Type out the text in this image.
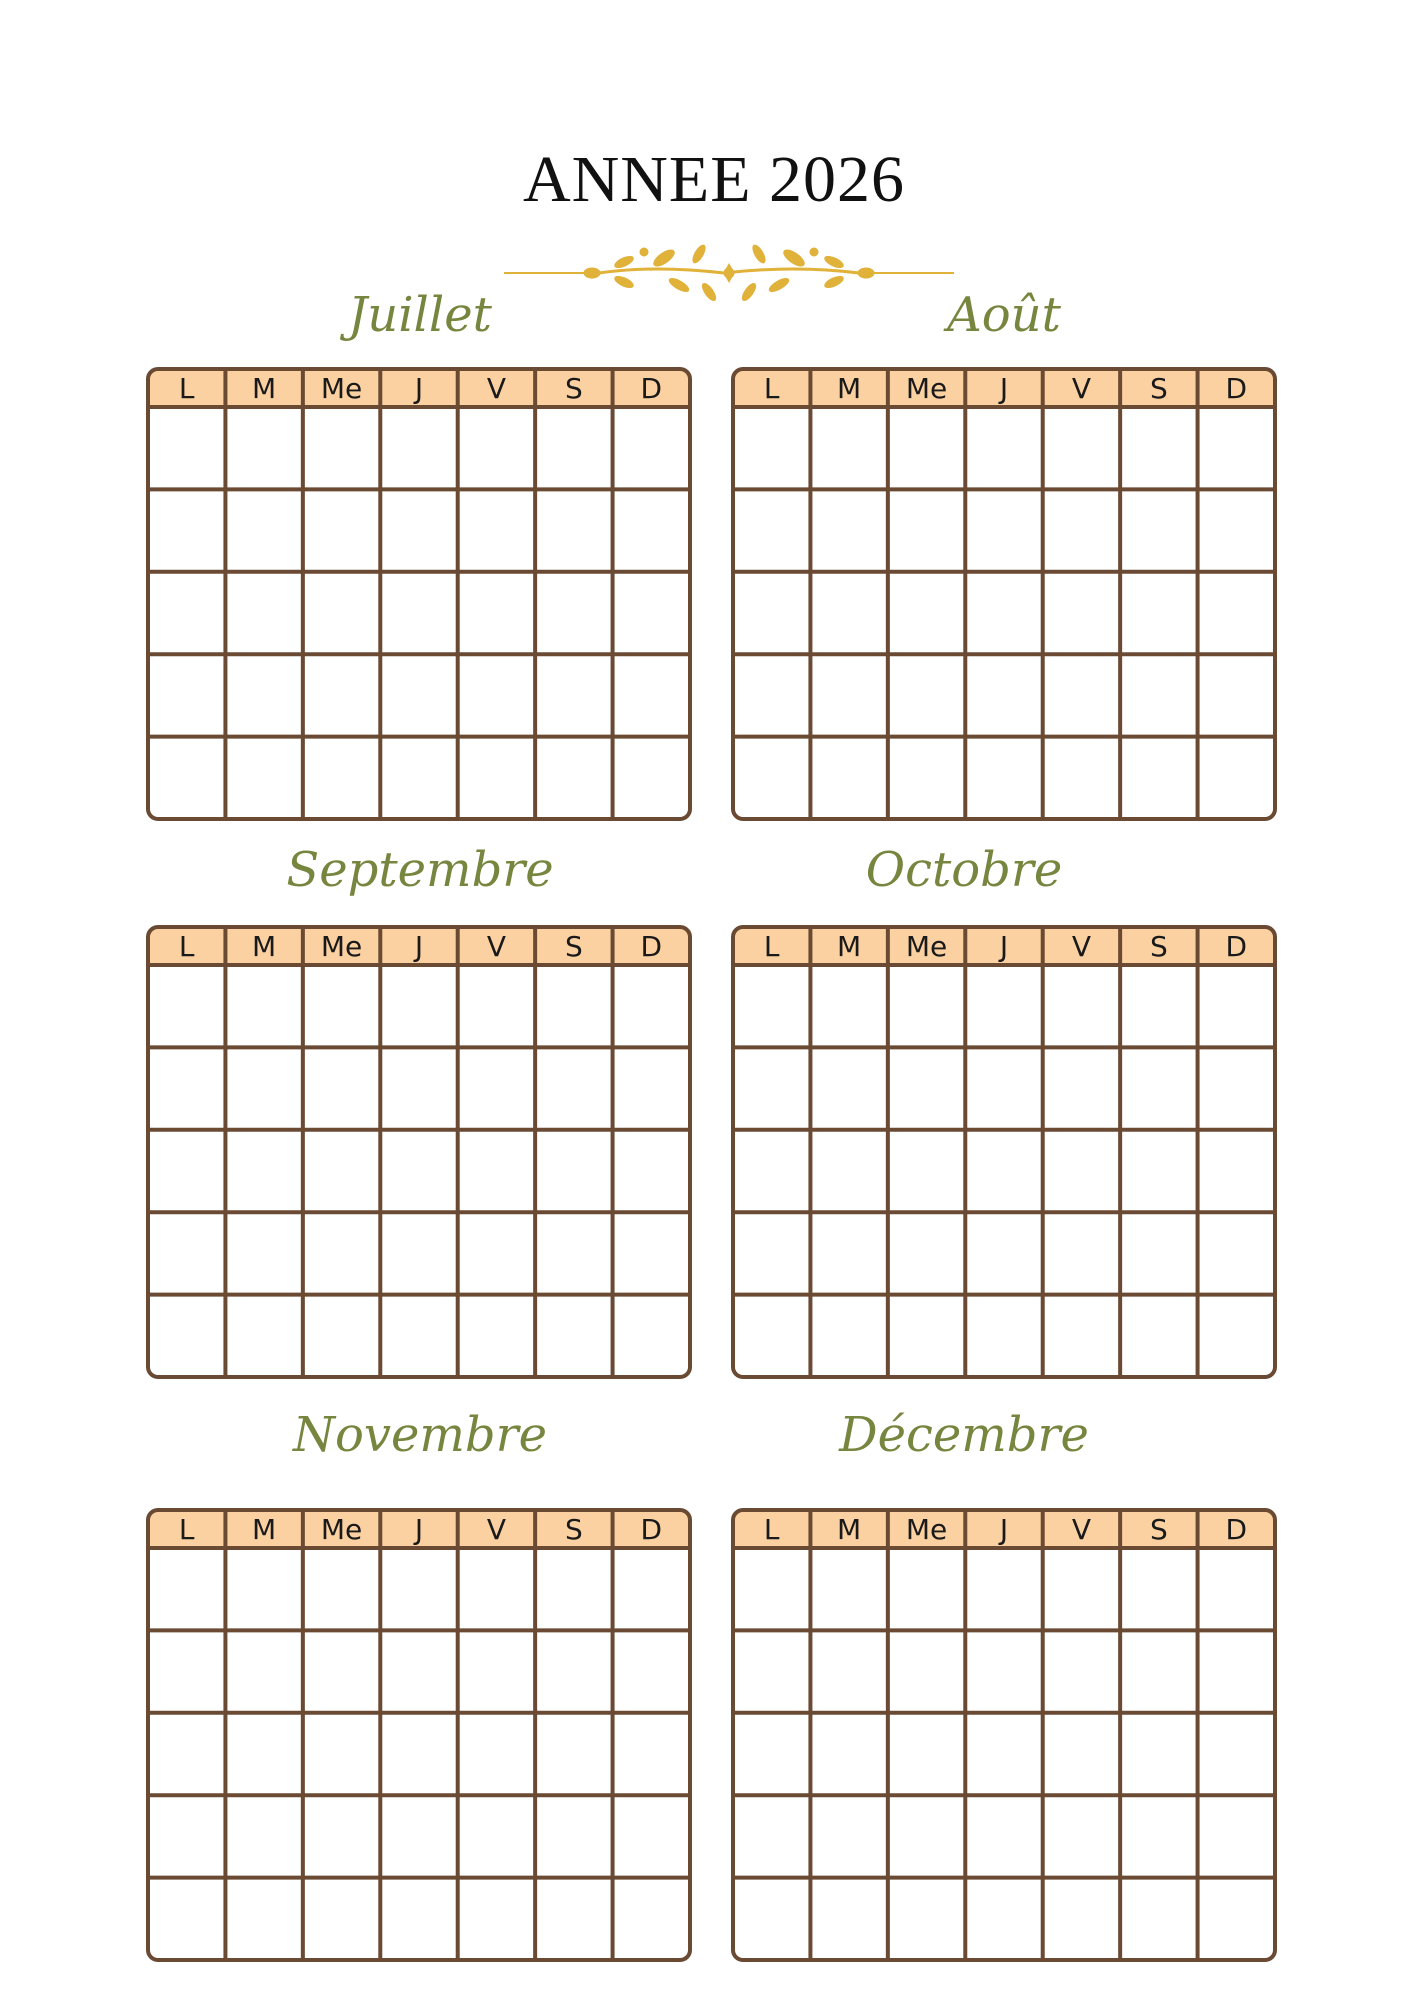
ANNEE 2026
Juillet	Août
Septembre	Octobre
Novembre	Décembre
L M Me J V S D	L M Me J V S D
L M Me J V S D	L M Me J V S D
L M Me J V S D	L M Me J V S D
